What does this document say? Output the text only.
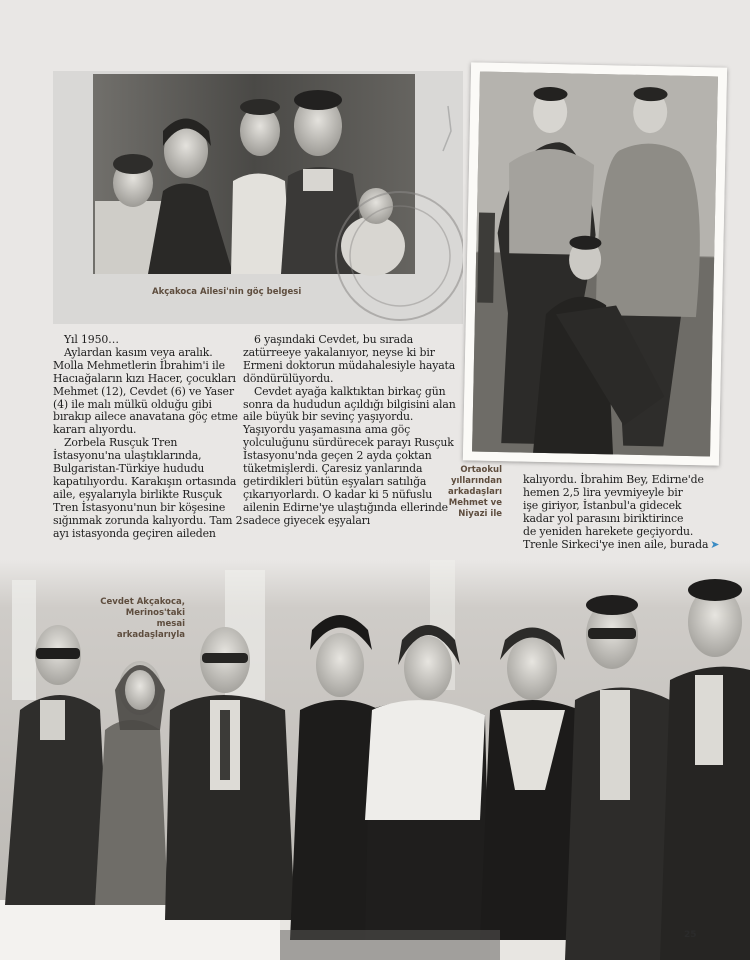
Akçakoca Ailesi'nin göç belgesi
Ortaokul
yıllarından
arkadaşları
Mehmet ve
Niyazi ile

Yıl 1950…

Aylardan kasım veya aralık. Molla Mehmetlerin İbrahim'i ile Hacıağaların kızı Hacer, çocukları Mehmet (12), Cevdet (6) ve Yaser (4) ile malı mülkü olduğu gibi bırakıp ailece anavatana göç etme kararı alıyordu.

Zorbela Rusçuk Tren İstasyonu'na ulaştıklarında, Bulgaristan-Türkiye hududu kapatılıyordu. Karakışın ortasında aile, eşyalarıyla birlikte Rusçuk Tren İstasyonu'nun bir köşesine sığınmak zorunda kalıyordu. Tam 2 ayı istasyonda geçiren aileden

6 yaşındaki Cevdet, bu sırada zatürreeye yakalanıyor, neyse ki bir Ermeni doktorun müdahalesiyle hayata döndürülüyordu.

Cevdet ayağa kalktıktan birkaç gün sonra da hududun açıldığı bilgisini alan aile büyük bir sevinç yaşıyordu. Yaşıyordu yaşamasına ama göç yolculuğunu sürdürecek parayı Rusçuk İstasyonu'nda geçen 2 ayda çoktan tüketmişlerdi. Çaresiz yanlarında getirdikleri bütün eşyaları satılığa çıkarıyorlardı. O kadar ki 5 nüfuslu ailenin Edirne'ye ulaştığında ellerinde sadece giyecek eşyaları

kalıyordu. İbrahim Bey, Edirne'de
hemen 2,5 lira yevmiyeyle bir
işe giriyor, İstanbul'a gidecek
kadar yol parasını biriktirince
de yeniden harekete geçiyordu.
Trenle Sirkeci'ye inen aile, burada ➤
Cevdet Akçakoca,
Merinos'taki mesai
arkadaşlarıyla
25
